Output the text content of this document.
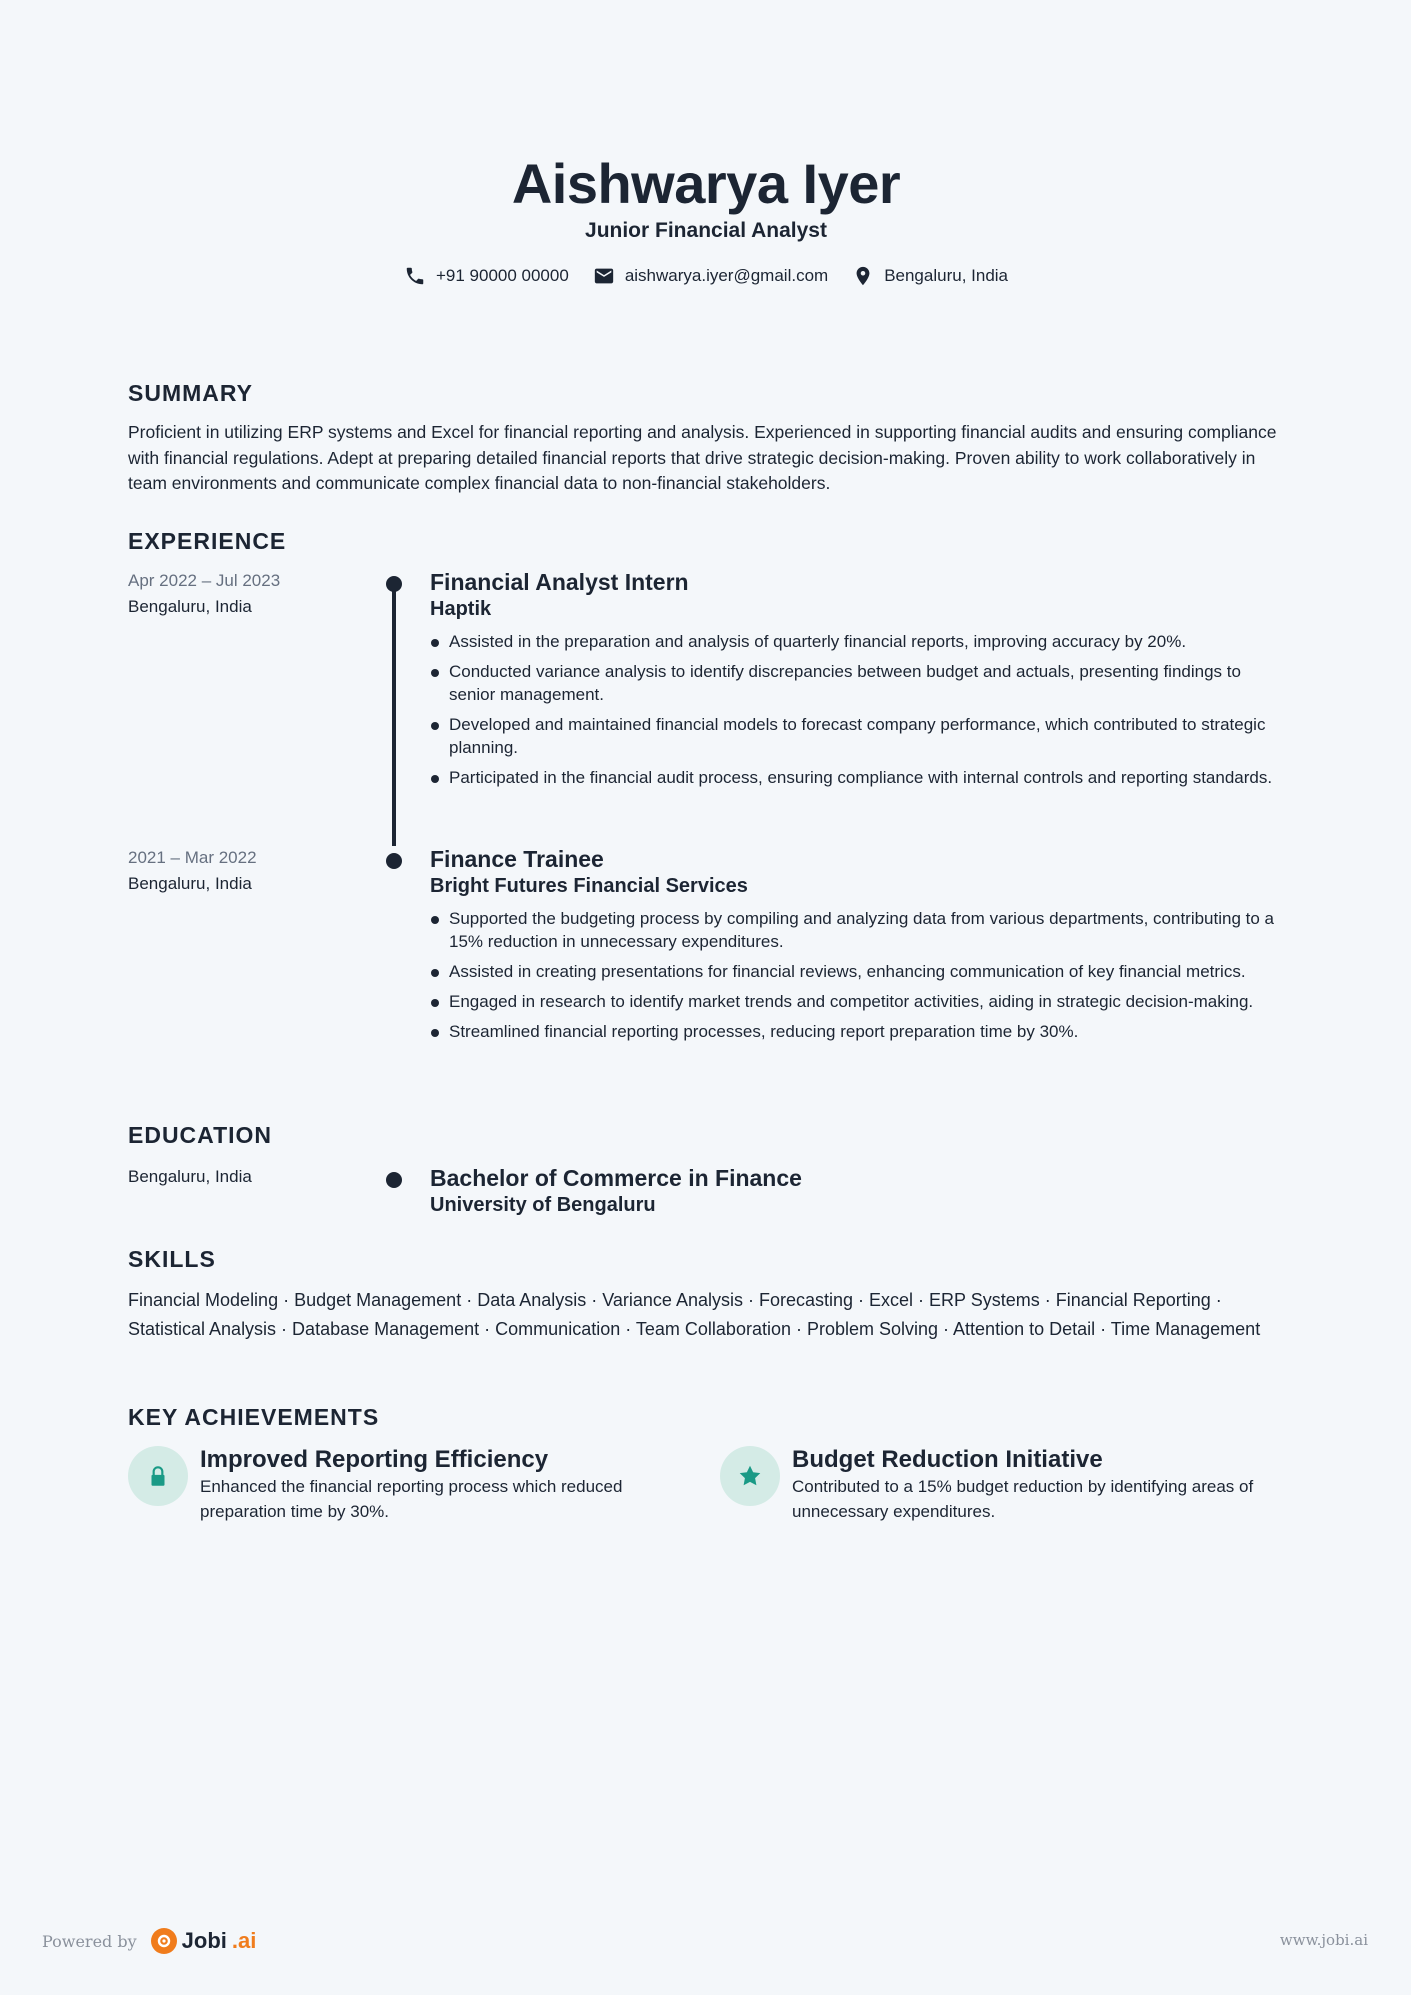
Aishwarya Iyer
Junior Financial Analyst
+91 90000 00000	aishwarya.iyer@gmail.com	Bengaluru, India
SUMMARY
Proficient in utilizing ERP systems and Excel for financial reporting and analysis. Experienced in supporting financial audits and ensuring compliance with financial regulations. Adept at preparing detailed financial reports that drive strategic decision-making. Proven ability to work collaboratively in team environments and communicate complex financial data to non-financial stakeholders.
EXPERIENCE
Apr 2022 – Jul 2023
Bengaluru, India
Financial Analyst Intern
Haptik
Assisted in the preparation and analysis of quarterly financial reports, improving accuracy by 20%.
Conducted variance analysis to identify discrepancies between budget and actuals, presenting findings to senior management.
Developed and maintained financial models to forecast company performance, which contributed to strategic planning.
Participated in the financial audit process, ensuring compliance with internal controls and reporting standards.
2021 – Mar 2022
Bengaluru, India
Finance Trainee
Bright Futures Financial Services
Supported the budgeting process by compiling and analyzing data from various departments, contributing to a 15% reduction in unnecessary expenditures.
Assisted in creating presentations for financial reviews, enhancing communication of key financial metrics.
Engaged in research to identify market trends and competitor activities, aiding in strategic decision-making.
Streamlined financial reporting processes, reducing report preparation time by 30%.
EDUCATION
Bengaluru, India	Bachelor of Commerce in Finance
University of Bengaluru
SKILLS
Financial Modeling · Budget Management · Data Analysis · Variance Analysis · Forecasting · Excel · ERP Systems · Financial Reporting · Statistical Analysis · Database Management · Communication · Team Collaboration · Problem Solving · Attention to Detail · Time Management
KEY ACHIEVEMENTS
Improved Reporting Efficiency
Enhanced the financial reporting process which reduced preparation time by 30%.
Budget Reduction Initiative
Contributed to a 15% budget reduction by identifying areas of unnecessary expenditures.
Powered by Jobi .ai	www.jobi.ai
